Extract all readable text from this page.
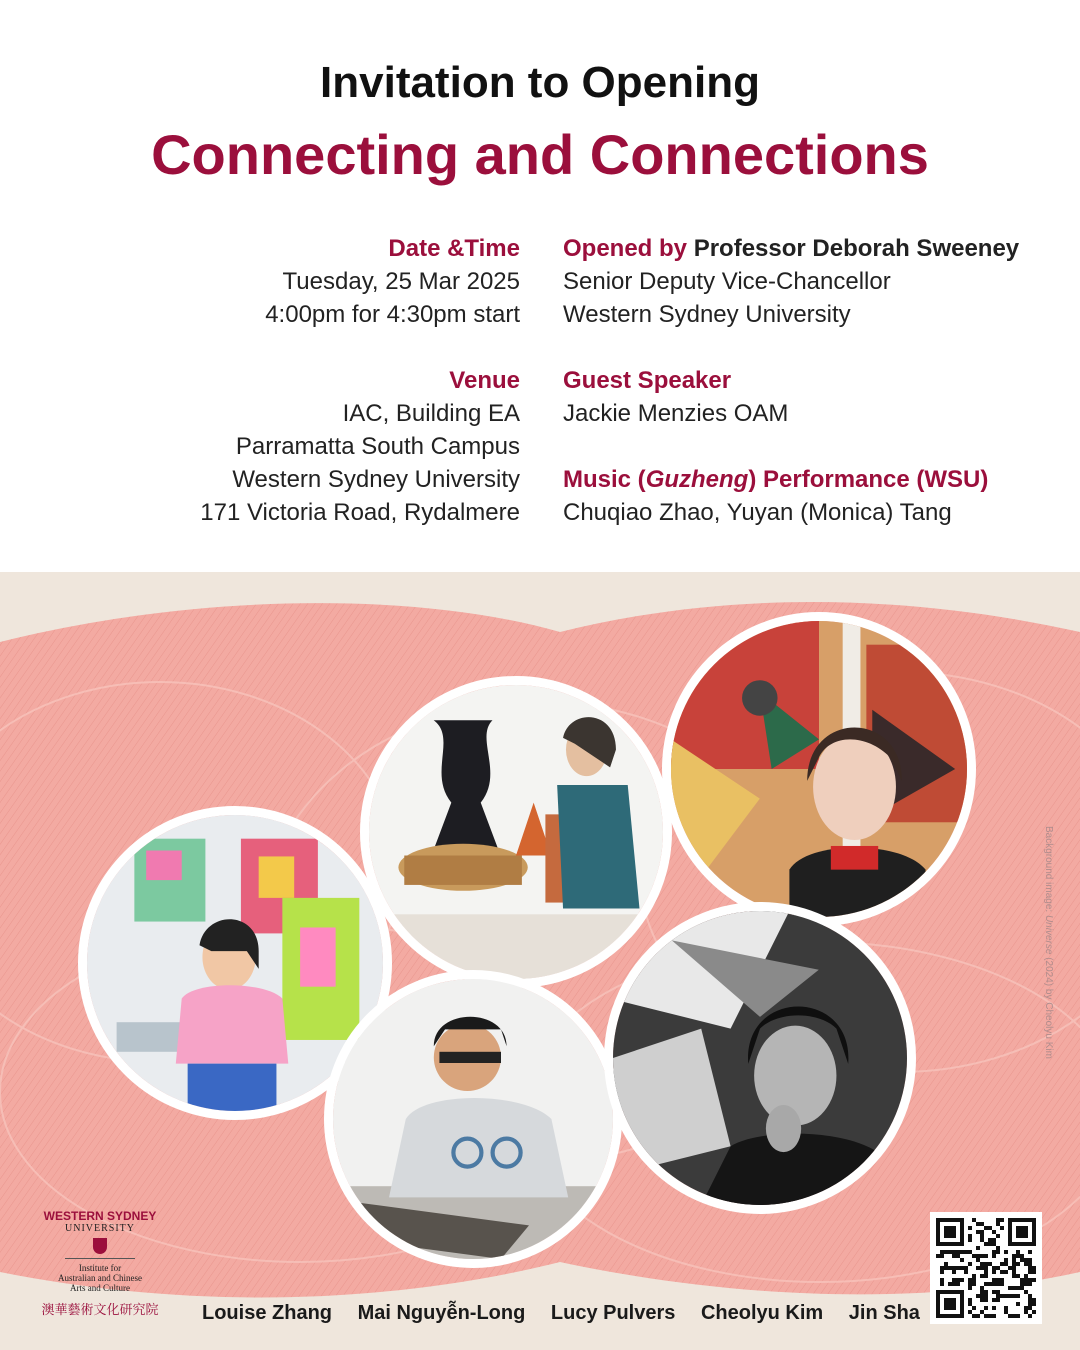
Invitation to Opening
Connecting and Connections
Date &Time
Tuesday, 25 Mar 2025
4:00pm for 4:30pm start
Venue
IAC, Building EA
Parramatta South Campus
Western Sydney University
171 Victoria Road, Rydalmere
Opened by Professor Deborah Sweeney
Senior Deputy Vice-Chancellor
Western Sydney University
Guest Speaker
Jackie Menzies OAM
Music (Guzheng) Performance (WSU)
Chuqiao Zhao, Yuyan (Monica) Tang
Background image: Universe (2024) by Cheolyu Kim
WESTERN SYDNEY
UNIVERSITY
Institute for
Australian and Chinese
Arts and Culture
澳華藝術文化研究院	Louise Zhang Mai Nguyễn-Long Lucy Pulvers Cheolyu Kim Jin Sha
